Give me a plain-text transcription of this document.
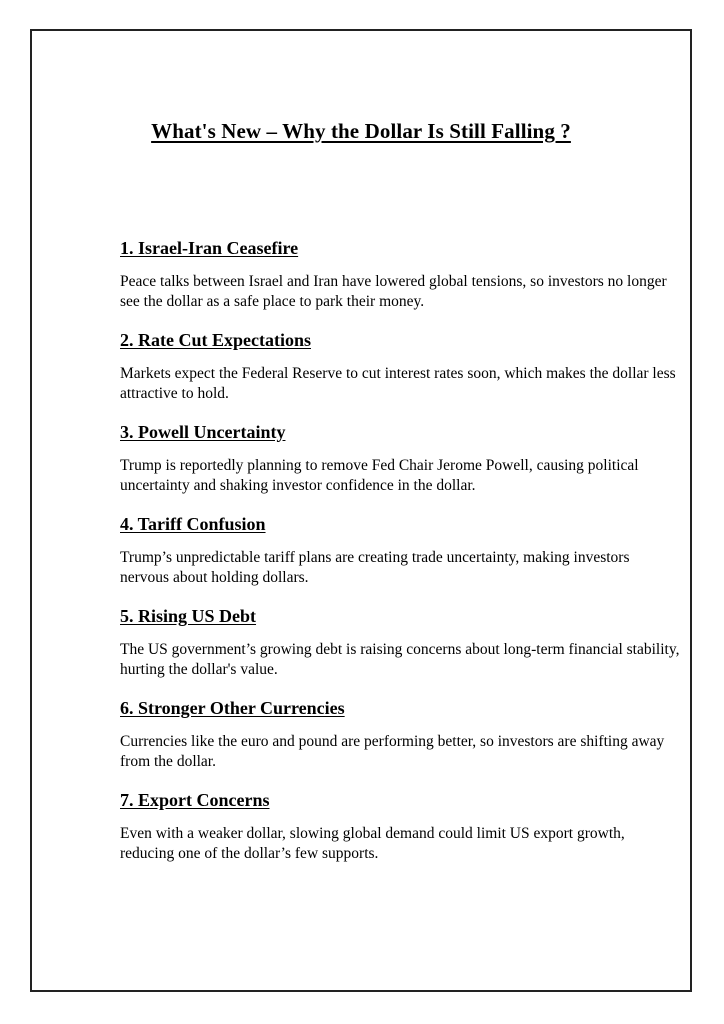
What's New – Why the Dollar Is Still Falling ?
1. Israel-Iran Ceasefire

Peace talks between Israel and Iran have lowered global tensions, so investors no longer see the dollar as a safe place to park their money.

2. Rate Cut Expectations

Markets expect the Federal Reserve to cut interest rates soon, which makes the dollar less attractive to hold.

3. Powell Uncertainty

Trump is reportedly planning to remove Fed Chair Jerome Powell, causing political uncertainty and shaking investor confidence in the dollar.

4. Tariff Confusion

Trump’s unpredictable tariff plans are creating trade uncertainty, making investors nervous about holding dollars.

5. Rising US Debt

The US government’s growing debt is raising concerns about long-term financial stability, hurting the dollar's value.

6. Stronger Other Currencies

Currencies like the euro and pound are performing better, so investors are shifting away from the dollar.

7. Export Concerns

Even with a weaker dollar, slowing global demand could limit US export growth, reducing one of the dollar’s few supports.
